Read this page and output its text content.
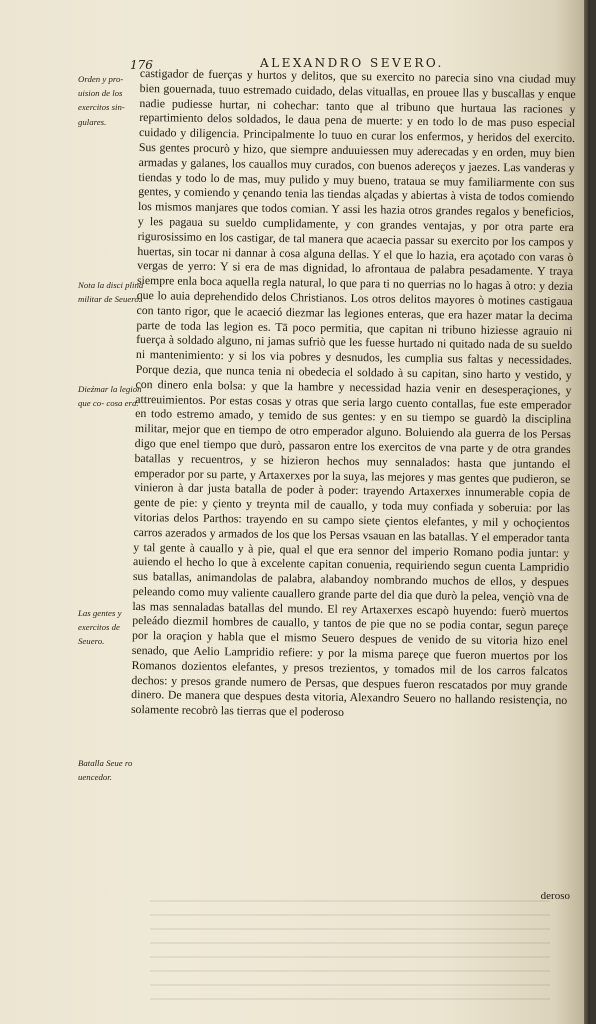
176	ALEXANDRO SEVERO.
Orden y pro- uision de los exercitos sin- gulares.
Nota la disci plina militar de Seuero.
Dieźmar la legion que co- cosa era.
Las gentes y exercitos de Seuero.
Batalla Seue ro uencedor.

castigador de fuerças y hurtos y delitos, que su exercito no parecia sino vna ciudad muy bien gouernada, tuuo estremado cuidado, delas vituallas, en prouee llas y buscallas y enque nadie pudiesse hurtar, ni cohechar: tanto que al tribuno que hurtaua las raciones y repartimiento delos soldados, le daua pena de muerte: y en todo lo de mas puso especial cuidado y diligencia. Principalmente lo tuuo en curar los enfermos, y heridos del exercito. Sus gentes procurò y hizo, que siempre anduuiessen muy aderecadas y en orden, muy bien armadas y galanes, los cauallos muy curados, con buenos adereços y jaezes. Las vanderas y tiendas y todo lo de mas, muy pulido y muy bueno, trataua se muy familiarmente con sus gentes, y comiendo y çenando tenia las tiendas alçadas y abiertas à vista de todos comiendo los mismos manjares que todos comian. Y assi les hazia otros grandes regalos y beneficios, y les pagaua su sueldo cumplidamente, y con grandes ventajas, y por otra parte era rigurosissimo en los castigar, de tal manera que acaecia passar su exercito por los campos y huertas, sin tocar ni dannar à cosa alguna dellas. Y el que lo hazia, era açotado con varas ò vergas de yerro: Y si era de mas dignidad, lo afrontaua de palabra pesadamente. Y traya siempre enla boca aquella regla natural, lo que para ti no querrias no lo hagas à otro: y dezia que lo auia deprehendido delos Christianos. Los otros delitos mayores ò motines castigaua con tanto rigor, que le acaeció diezmar las legiones enteras, que era hazer matar la decima parte de toda las legion es. Tā poco permitia, que capitan ni tribuno hiziesse agrauio ni fuerça à soldado alguno, ni jamas sufriò que les fuesse hurtado ni quitado nada de su sueldo ni mantenimiento: y si los via pobres y desnudos, les cumplia sus faltas y necessidades. Porque dezia, que nunca tenia ni obedecia el soldado à su capitan, sino harto y vestido, y con dinero enla bolsa: y que la hambre y necessidad hazia venir en desesperaçiones, y attreuimientos. Por estas cosas y otras que seria largo cuento contallas, fue este emperador en todo estremo amado, y temido de sus gentes: y en su tiempo se guardò la disciplina militar, mejor que en tiempo de otro emperador alguno. Boluiendo ala guerra de los Persas digo que enel tiempo que durò, passaron entre los exercitos de vna parte y de otra grandes batallas y recuentros, y se hizieron hechos muy sennalados: hasta que juntando el emperador por su parte, y Artaxerxes por la suya, las mejores y mas gentes que pudieron, se vinieron à dar justa batalla de poder à poder: trayendo Artaxerxes innumerable copia de gente de pie: y çiento y treynta mil de cauallo, y toda muy confiada y soberuia: por las vitorias delos Parthos: trayendo en su campo siete çientos elefantes, y mil y ochoçientos carros azerados y armados de los que los Persas vsauan en las batallas. Y el emperador tanta y tal gente à cauallo y à pie, qual el que era sennor del imperio Romano podia juntar: y auiendo el hecho lo que à excelente capitan conuenia, requiriendo segun cuenta Lampridio sus batallas, animandolas de palabra, alabandoy nombrando muchos de ellos, y despues peleando como muy valiente cauallero grande parte del dia que durò la pelea, vençiò vna de las mas sennaladas batallas del mundo. El rey Artaxerxes escapò huyendo: fuerò muertos peleádo diezmil hombres de cauallo, y tantos de pie que no se podia contar, segun pareçe por la oraçion y habla que el mismo Seuero despues de venido de su vitoria hizo enel senado, que Aelio Lampridio refiere: y por la misma pareçe que fueron muertos por los Romanos dozientos elefantes, y presos trezientos, y tomados mil de los carros falcatos dechos: y presos grande numero de Persas, que despues fueron rescatados por muy grande dinero. De manera que despues desta vitoria, Alexandro Seuero no hallando resistençia, no solamente recobrò las tierras que el poderoso

deroso
